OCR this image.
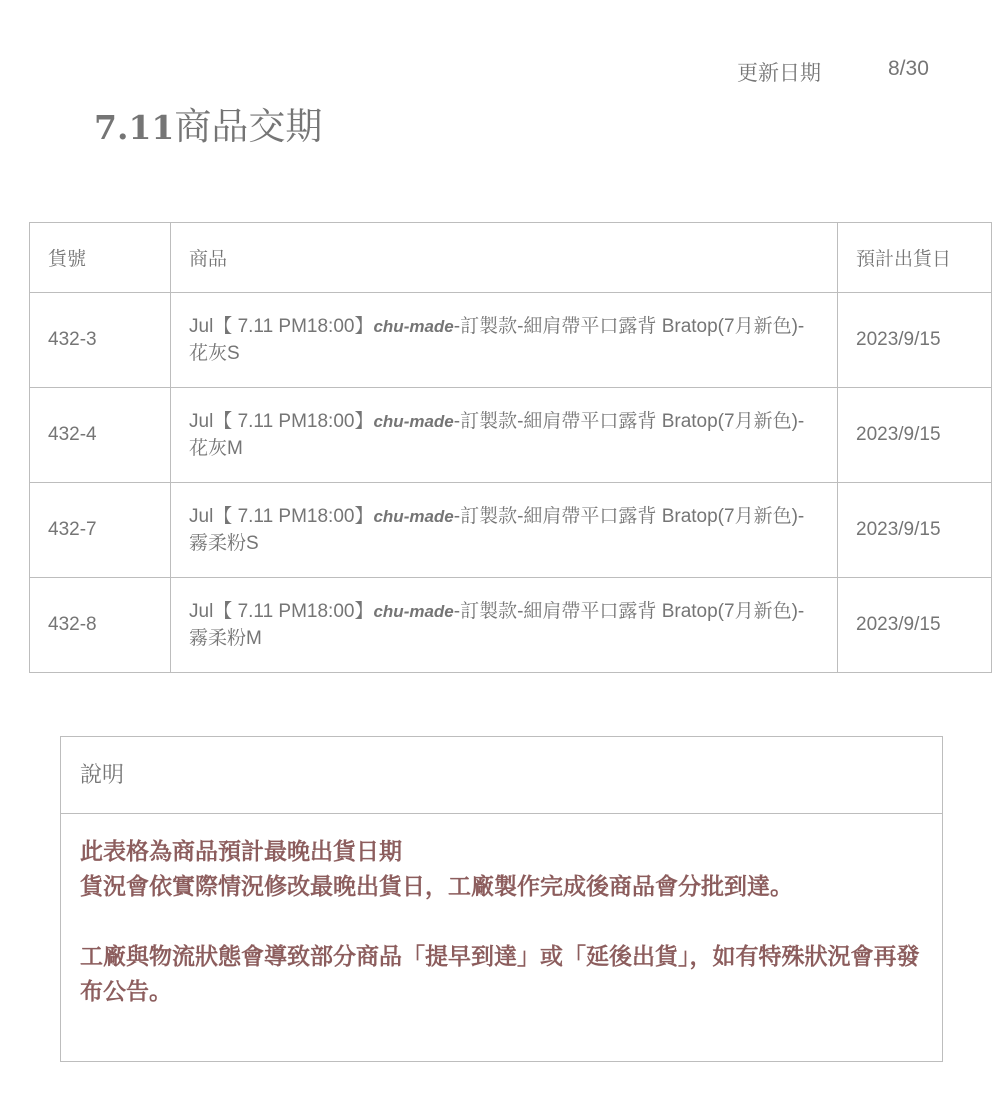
更新日期	8/30
7.11商品交期
貨號	商品	預計出貨日
432-3	Jul【 7.11 PM18:00】chu-made-訂製款-細肩帶平口露背 Bratop(7月新色)-花灰S	2023/9/15
432-4	Jul【 7.11 PM18:00】chu-made-訂製款-細肩帶平口露背 Bratop(7月新色)-花灰M	2023/9/15
432-7	Jul【 7.11 PM18:00】chu-made-訂製款-細肩帶平口露背 Bratop(7月新色)-霧柔粉S	2023/9/15
432-8	Jul【 7.11 PM18:00】chu-made-訂製款-細肩帶平口露背 Bratop(7月新色)-霧柔粉M	2023/9/15
說明

此表格為商品預計最晚出貨日期

貨況會依實際情況修改最晚出貨日，工廠製作完成後商品會分批到達。

工廠與物流狀態會導致部分商品「提早到達」或「延後出貨」，如有特殊狀況會再發布公告。
